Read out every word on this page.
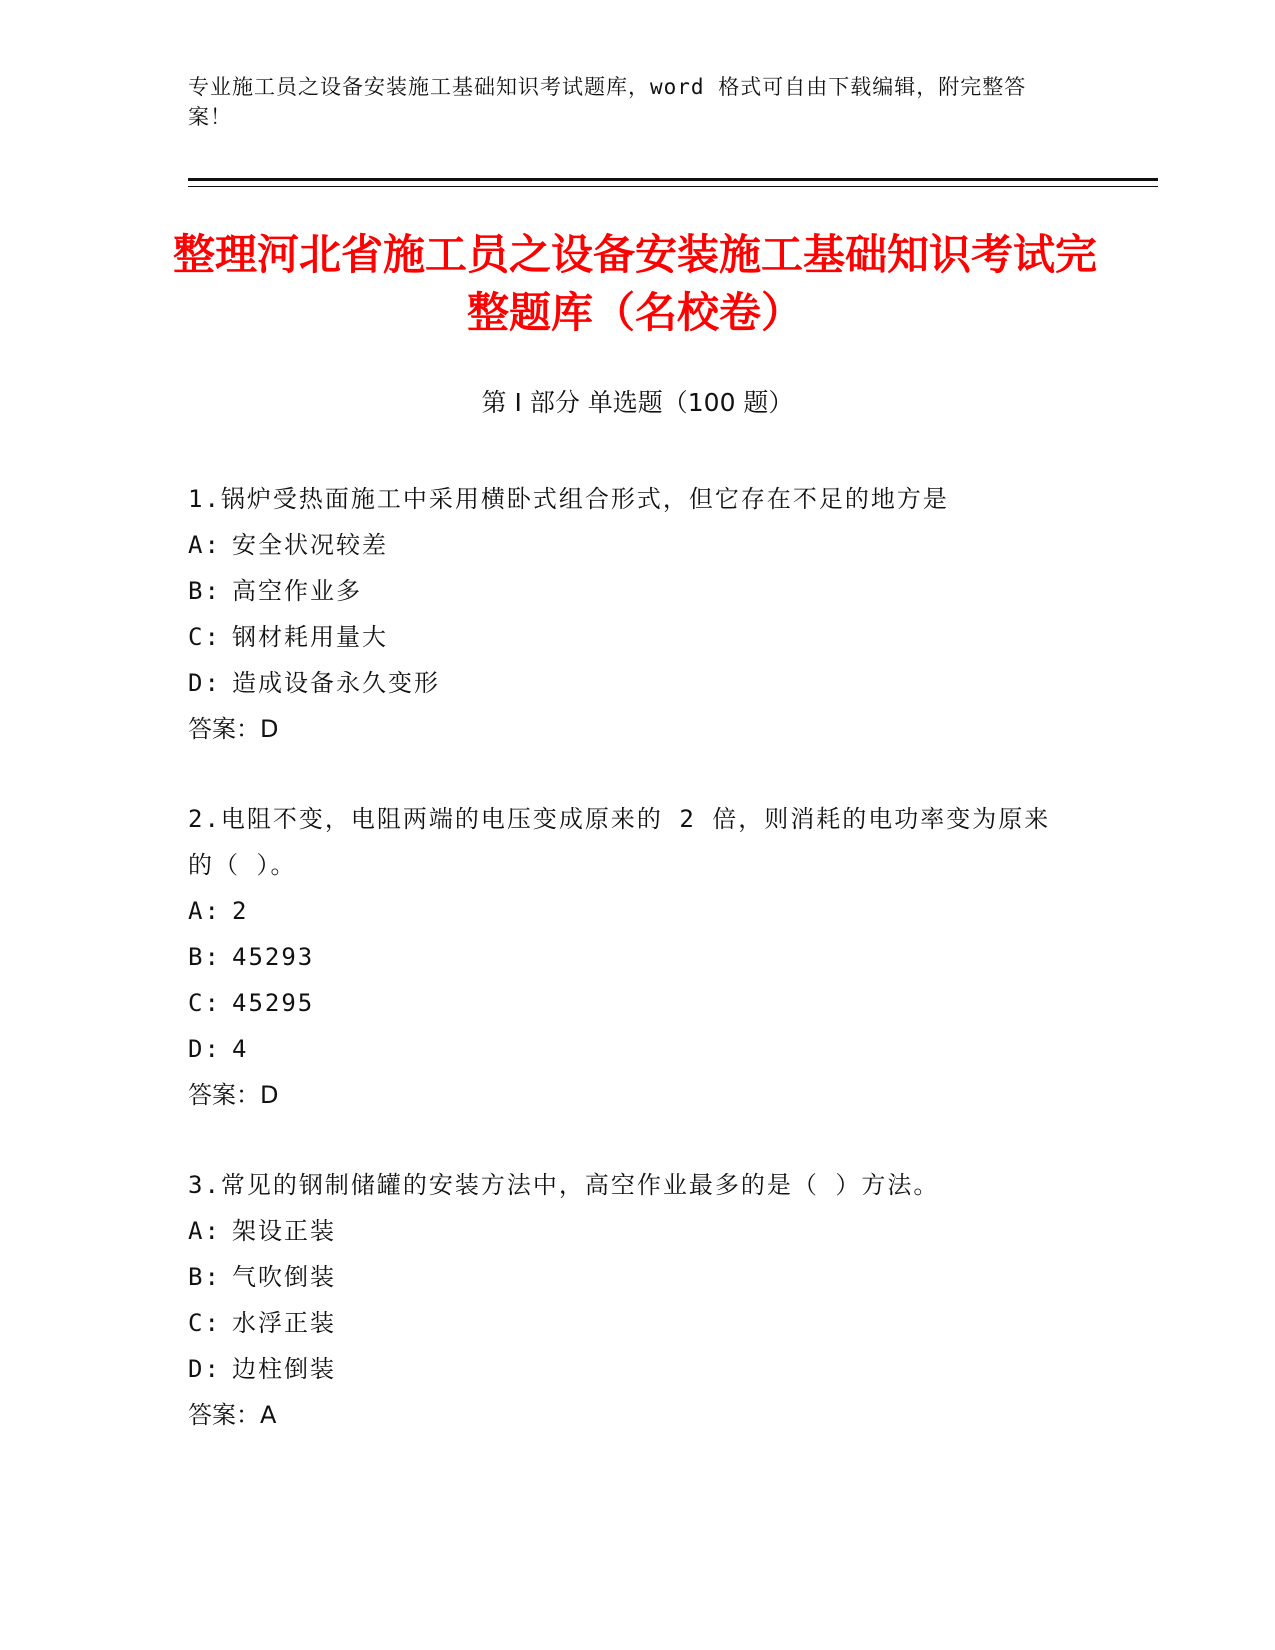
专业施工员之设备安装施工基础知识考试题库，word 格式可自由下载编辑，附完整答案！
整理河北省施工员之设备安装施工基础知识考试完整题库（名校卷）
第 I 部分 单选题（100 题）

1.锅炉受热面施工中采用横卧式组合形式，但它存在不足的地方是

A: 安全状况较差

B: 高空作业多

C: 钢材耗用量大

D: 造成设备永久变形

答案：D

2.电阻不变，电阻两端的电压变成原来的 2 倍，则消耗的电功率变为原来的（ ）。

A: 2

B: 45293

C: 45295

D: 4

答案：D

3.常见的钢制储罐的安装方法中，高空作业最多的是（ ）方法。

A: 架设正装

B: 气吹倒装

C: 水浮正装

D: 边柱倒装

答案：A
